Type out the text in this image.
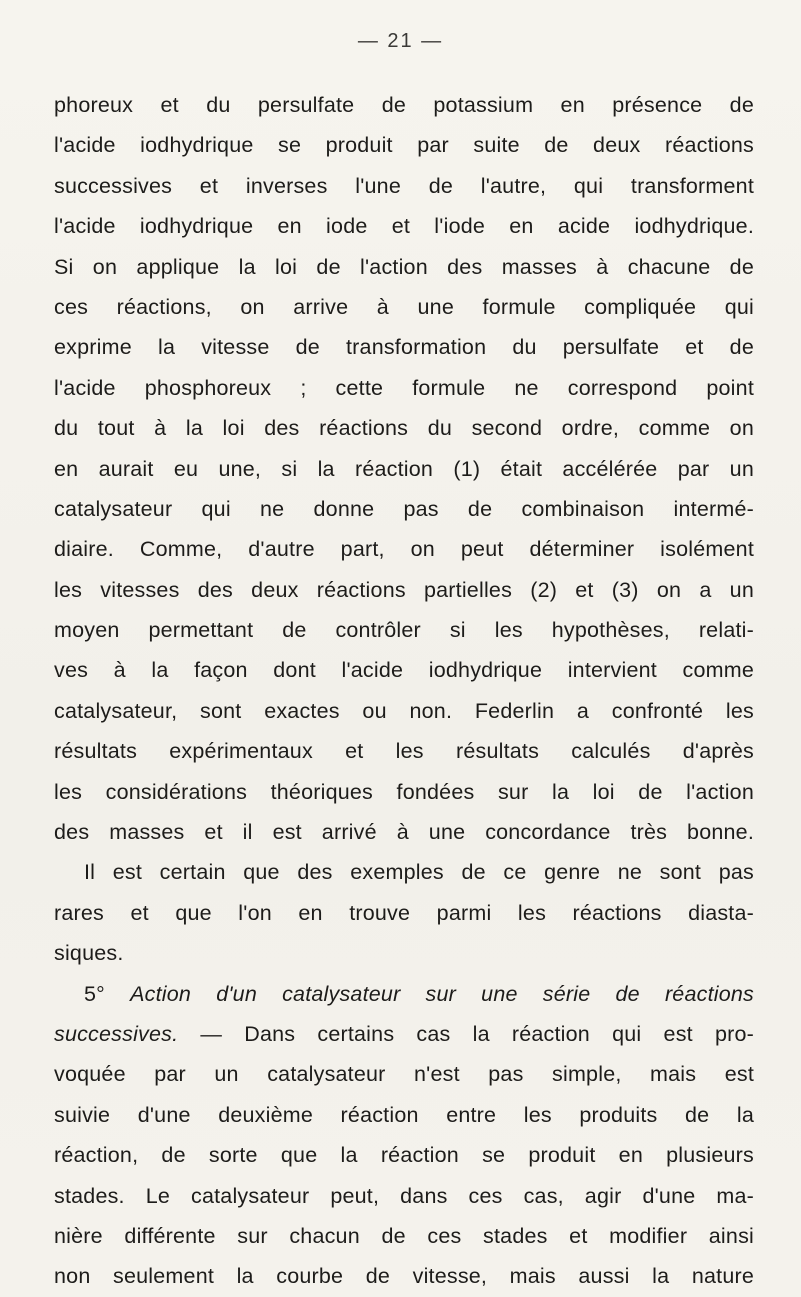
— 21 —
phoreux et du persulfate de potassium en présence de
l'acide iodhydrique se produit par suite de deux réactions
successives et inverses l'une de l'autre, qui transforment
l'acide iodhydrique en iode et l'iode en acide iodhydrique.
Si on applique la loi de l'action des masses à chacune de
ces réactions, on arrive à une formule compliquée qui
exprime la vitesse de transformation du persulfate et de
l'acide phosphoreux ; cette formule ne correspond point
du tout à la loi des réactions du second ordre, comme on
en aurait eu une, si la réaction (1) était accélérée par un
catalysateur qui ne donne pas de combinaison intermé-
diaire. Comme, d'autre part, on peut déterminer isolément
les vitesses des deux réactions partielles (2) et (3) on a un
moyen permettant de contrôler si les hypothèses, relati-
ves à la façon dont l'acide iodhydrique intervient comme
catalysateur, sont exactes ou non. Federlin a confronté les
résultats expérimentaux et les résultats calculés d'après
les considérations théoriques fondées sur la loi de l'action
des masses et il est arrivé à une concordance très bonne.
Il est certain que des exemples de ce genre ne sont pas
rares et que l'on en trouve parmi les réactions diasta-
siques.
5° Action d'un catalysateur sur une série de réactions
successives. — Dans certains cas la réaction qui est pro-
voquée par un catalysateur n'est pas simple, mais est
suivie d'une deuxième réaction entre les produits de la
réaction, de sorte que la réaction se produit en plusieurs
stades. Le catalysateur peut, dans ces cas, agir d'une ma-
nière différente sur chacun de ces stades et modifier ainsi
non seulement la courbe de vitesse, mais aussi la nature
